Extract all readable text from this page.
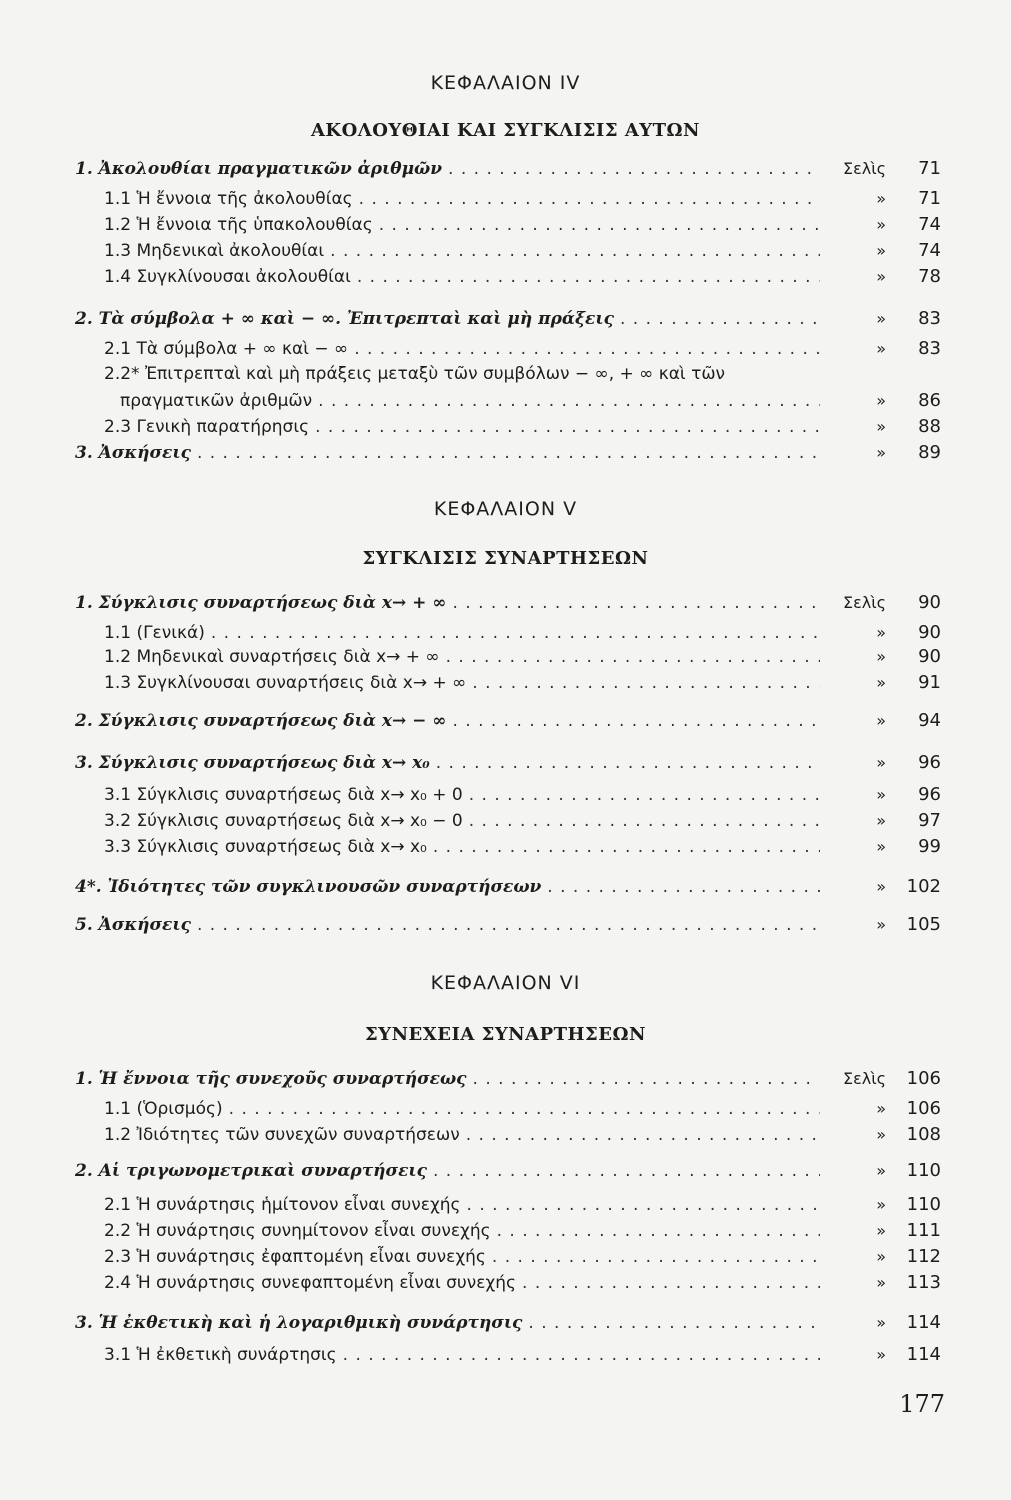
ΚΕΦΑΛΑΙΟΝ IV
ΑΚΟΛΟΥΘΙΑΙ ΚΑΙ ΣΥΓΚΛΙΣΙΣ ΑΥΤΩΝ
1. Ἀκολουθίαι πραγματικῶν ἀριθμῶν . . .	Σελὶς	71
1.1 Ἡ ἔννοια τῆς ἀκολουθίας . . .	»	71
1.2 Ἡ ἔννοια τῆς ὑπακολουθίας . . .	»	74
1.3 Μηδενικαὶ ἀκολουθίαι . . .	»	74
1.4 Συγκλίνουσαι ἀκολουθίαι . . .	»	78
2. Τὰ σύμβολα + ∞ καὶ − ∞. Ἐπιτρεπταὶ καὶ μὴ πράξεις . . .	»	83
2.1 Τὰ σύμβολα + ∞ καὶ − ∞ . . .	»	83
2.2* Ἐπιτρεπταὶ καὶ μὴ πράξεις μεταξὺ τῶν συμβόλων − ∞, + ∞ καὶ τῶν
πραγματικῶν ἀριθμῶν . . .	»	86
2.3 Γενικὴ παρατήρησις . . .	»	88
3. Ἀσκήσεις . . .	»	89
ΚΕΦΑΛΑΙΟΝ V
ΣΥΓΚΛΙΣΙΣ ΣΥΝΑΡΤΗΣΕΩΝ
1. Σύγκλισις συναρτήσεως διὰ x→ + ∞ . . .	Σελὶς	90
1.1 (Γενικά) . . .	»	90
1.2 Μηδενικαὶ συναρτήσεις διὰ x→ + ∞ . . .	»	90
1.3 Συγκλίνουσαι συναρτήσεις διὰ x→ + ∞ . . .	»	91
2. Σύγκλισις συναρτήσεως διὰ x→ − ∞ . . .	»	94
3. Σύγκλισις συναρτήσεως διὰ x→ x₀ . . .	»	96
3.1 Σύγκλισις συναρτήσεως διὰ x→ x₀ + 0 . . .	»	96
3.2 Σύγκλισις συναρτήσεως διὰ x→ x₀ − 0 . . .	»	97
3.3 Σύγκλισις συναρτήσεως διὰ x→ x₀ . . .	»	99
4*. Ἰδιότητες τῶν συγκλινουσῶν συναρτήσεων . . .	»	102
5. Ἀσκήσεις . . .	»	105
ΚΕΦΑΛΑΙΟΝ VI
ΣΥΝΕΧΕΙΑ ΣΥΝΑΡΤΗΣΕΩΝ
1. Ἡ ἔννοια τῆς συνεχοῦς συναρτήσεως . . .	Σελὶς	106
1.1 (Ὁρισμός) . . .	»	106
1.2 Ἰδιότητες τῶν συνεχῶν συναρτήσεων . . .	»	108
2. Αἱ τριγωνομετρικαὶ συναρτήσεις . . .	»	110
2.1 Ἡ συνάρτησις ἡμίτονον εἶναι συνεχής . . .	»	110
2.2 Ἡ συνάρτησις συνημίτονον εἶναι συνεχής . . .	»	111
2.3 Ἡ συνάρτησις ἐφαπτομένη εἶναι συνεχής . . .	»	112
2.4 Ἡ συνάρτησις συνεφαπτομένη εἶναι συνεχής . . .	»	113
3. Ἡ ἐκθετικὴ καὶ ἡ λογαριθμικὴ συνάρτησις . . .	»	114
3.1 Ἡ ἐκθετικὴ συνάρτησις . . .	»	114
177
